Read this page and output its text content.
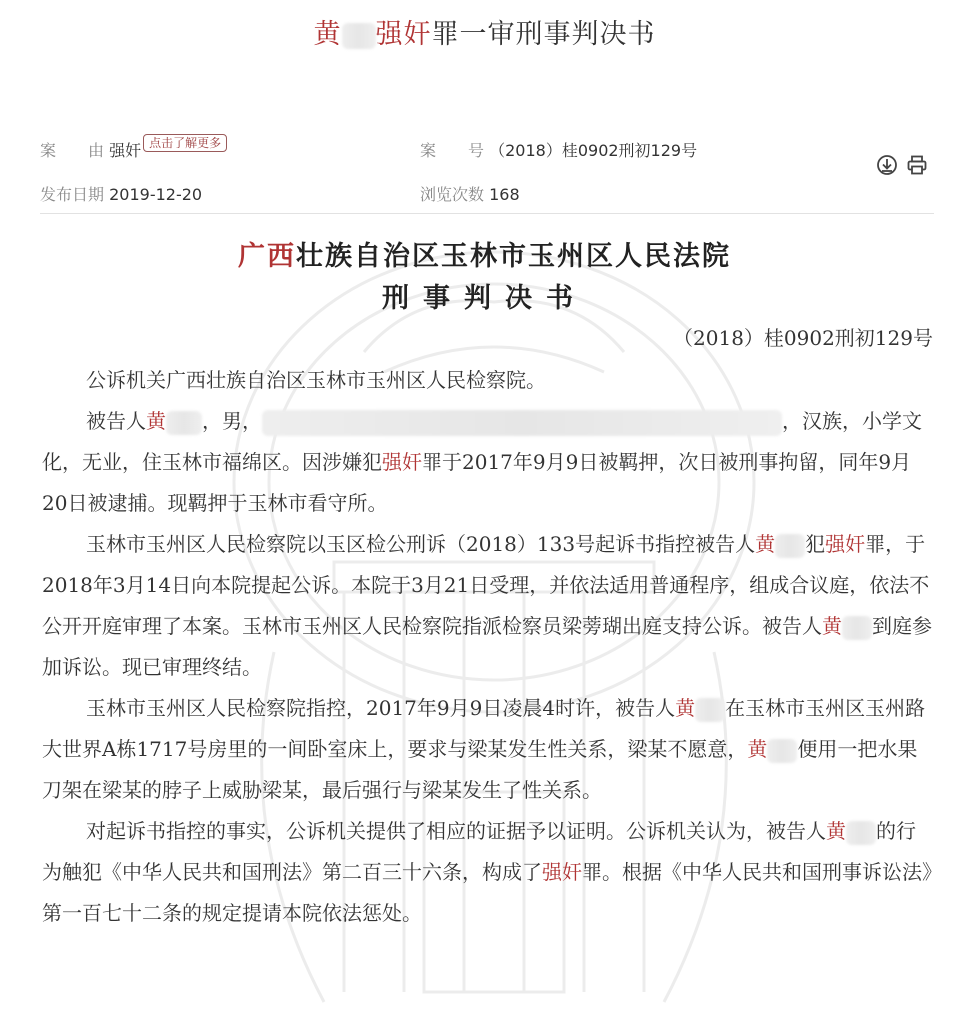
黄 强奸罪一审刑事判决书
案　　由 强奸 点击了解更多	案　　号 （2018）桂0902刑初129号
发布日期 2019-12-20	浏览次数 168
广西壮族自治区玉林市玉州区人民法院
刑事判决书
（2018）桂0902刑初129号

公诉机关广西壮族自治区玉林市玉州区人民检察院。

被告人黄 ，男，	，汉族，小学文化，无业，住玉林市福绵区。因涉嫌犯强奸罪于2017年9月9日被羁押，次日被刑事拘留，同年9月20日被逮捕。现羁押于玉林市看守所。

玉林市玉州区人民检察院以玉区检公刑诉（2018）133号起诉书指控被告人黄 犯强奸罪，于2018年3月14日向本院提起公诉。本院于3月21日受理，并依法适用普通程序，组成合议庭，依法不公开开庭审理了本案。玉林市玉州区人民检察院指派检察员梁蒡瑚出庭支持公诉。被告人黄 到庭参加诉讼。现已审理终结。

玉林市玉州区人民检察院指控，2017年9月9日凌晨4时许，被告人黄 在玉林市玉州区玉州路大世界A栋1717号房里的一间卧室床上，要求与梁某发生性关系，梁某不愿意，黄 便用一把水果刀架在梁某的脖子上威胁梁某，最后强行与梁某发生了性关系。

对起诉书指控的事实，公诉机关提供了相应的证据予以证明。公诉机关认为，被告人黄 的行为触犯《中华人民共和国刑法》第二百三十六条，构成了强奸罪。根据《中华人民共和国刑事诉讼法》第一百七十二条的规定提请本院依法惩处。
